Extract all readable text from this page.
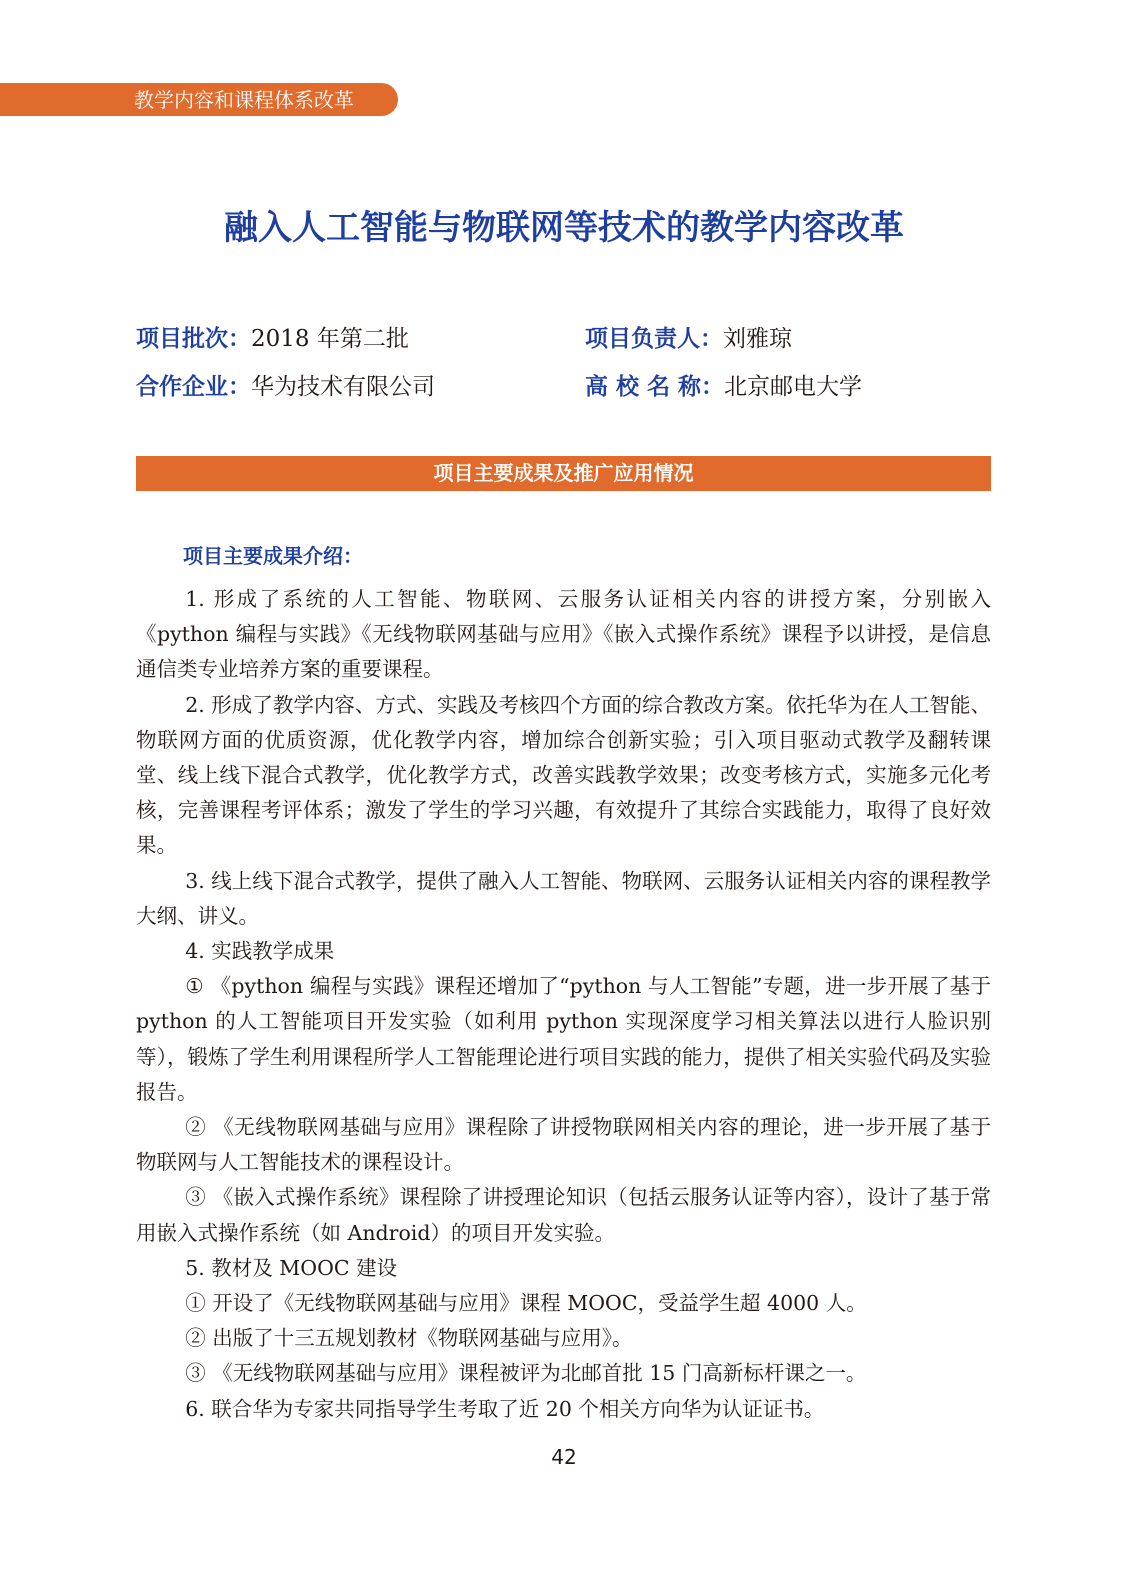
教学内容和课程体系改革
融入人工智能与物联网等技术的教学内容改革
项目批次：2018 年第二批	项目负责人：刘雅琼
合作企业：华为技术有限公司	高 校 名 称：北京邮电大学
项目主要成果及推广应用情况
项目主要成果介绍：

1. 形成了系统的人工智能、物联网、云服务认证相关内容的讲授方案，分别嵌入《python 编程与实践》《无线物联网基础与应用》《嵌入式操作系统》课程予以讲授，是信息通信类专业培养方案的重要课程。

2. 形成了教学内容、方式、实践及考核四个方面的综合教改方案。依托华为在人工智能、物联网方面的优质资源，优化教学内容，增加综合创新实验；引入项目驱动式教学及翻转课堂、线上线下混合式教学，优化教学方式，改善实践教学效果；改变考核方式，实施多元化考核，完善课程考评体系；激发了学生的学习兴趣，有效提升了其综合实践能力，取得了良好效果。

3. 线上线下混合式教学，提供了融入人工智能、物联网、云服务认证相关内容的课程教学大纲、讲义。

4. 实践教学成果

① 《python 编程与实践》课程还增加了“python 与人工智能”专题，进一步开展了基于 python 的人工智能项目开发实验（如利用 python 实现深度学习相关算法以进行人脸识别等），锻炼了学生利用课程所学人工智能理论进行项目实践的能力，提供了相关实验代码及实验报告。

② 《无线物联网基础与应用》课程除了讲授物联网相关内容的理论，进一步开展了基于物联网与人工智能技术的课程设计。

③ 《嵌入式操作系统》课程除了讲授理论知识（包括云服务认证等内容），设计了基于常用嵌入式操作系统（如 Android）的项目开发实验。

5. 教材及 MOOC 建设

① 开设了《无线物联网基础与应用》课程 MOOC，受益学生超 4000 人。

② 出版了十三五规划教材《物联网基础与应用》。

③ 《无线物联网基础与应用》课程被评为北邮首批 15 门高新标杆课之一。

6. 联合华为专家共同指导学生考取了近 20 个相关方向华为认证证书。

42
